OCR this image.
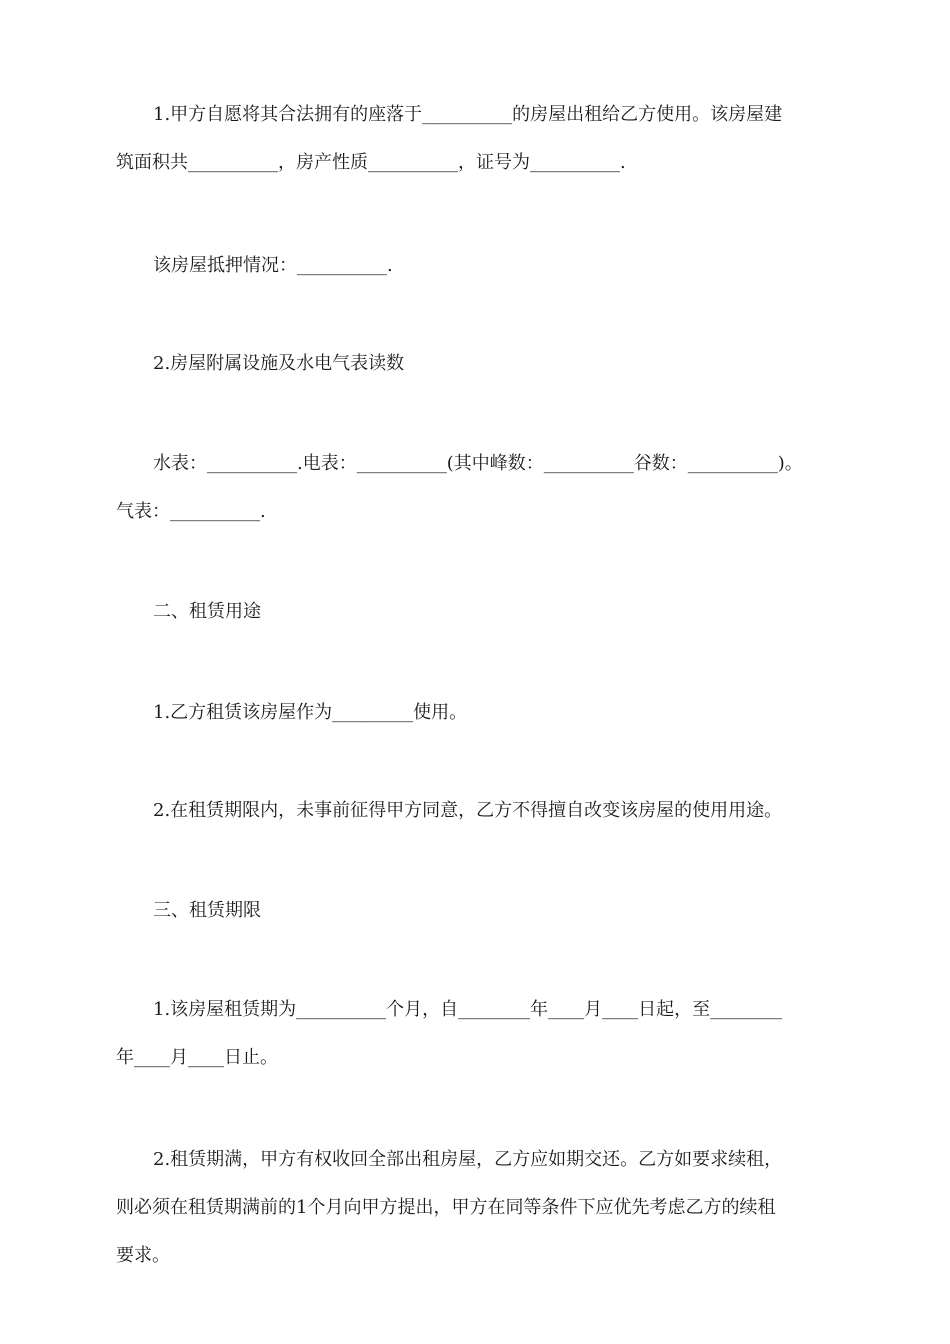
1.甲方自愿将其合法拥有的座落于__________的房屋出租给乙方使用。该房屋建
筑面积共__________，房产性质__________，证号为__________.
该房屋抵押情况：__________.
2.房屋附属设施及水电气表读数
水表：__________.电表：__________(其中峰数：__________谷数：__________)。
气表：__________.
二、租赁用途
1.乙方租赁该房屋作为_________使用。
2.在租赁期限内，未事前征得甲方同意，乙方不得擅自改变该房屋的使用用途。
三、租赁期限
1.该房屋租赁期为__________个月，自________年____月____日起，至________
年____月____日止。
2.租赁期满，甲方有权收回全部出租房屋，乙方应如期交还。乙方如要求续租，
则必须在租赁期满前的1个月向甲方提出，甲方在同等条件下应优先考虑乙方的续租
要求。
